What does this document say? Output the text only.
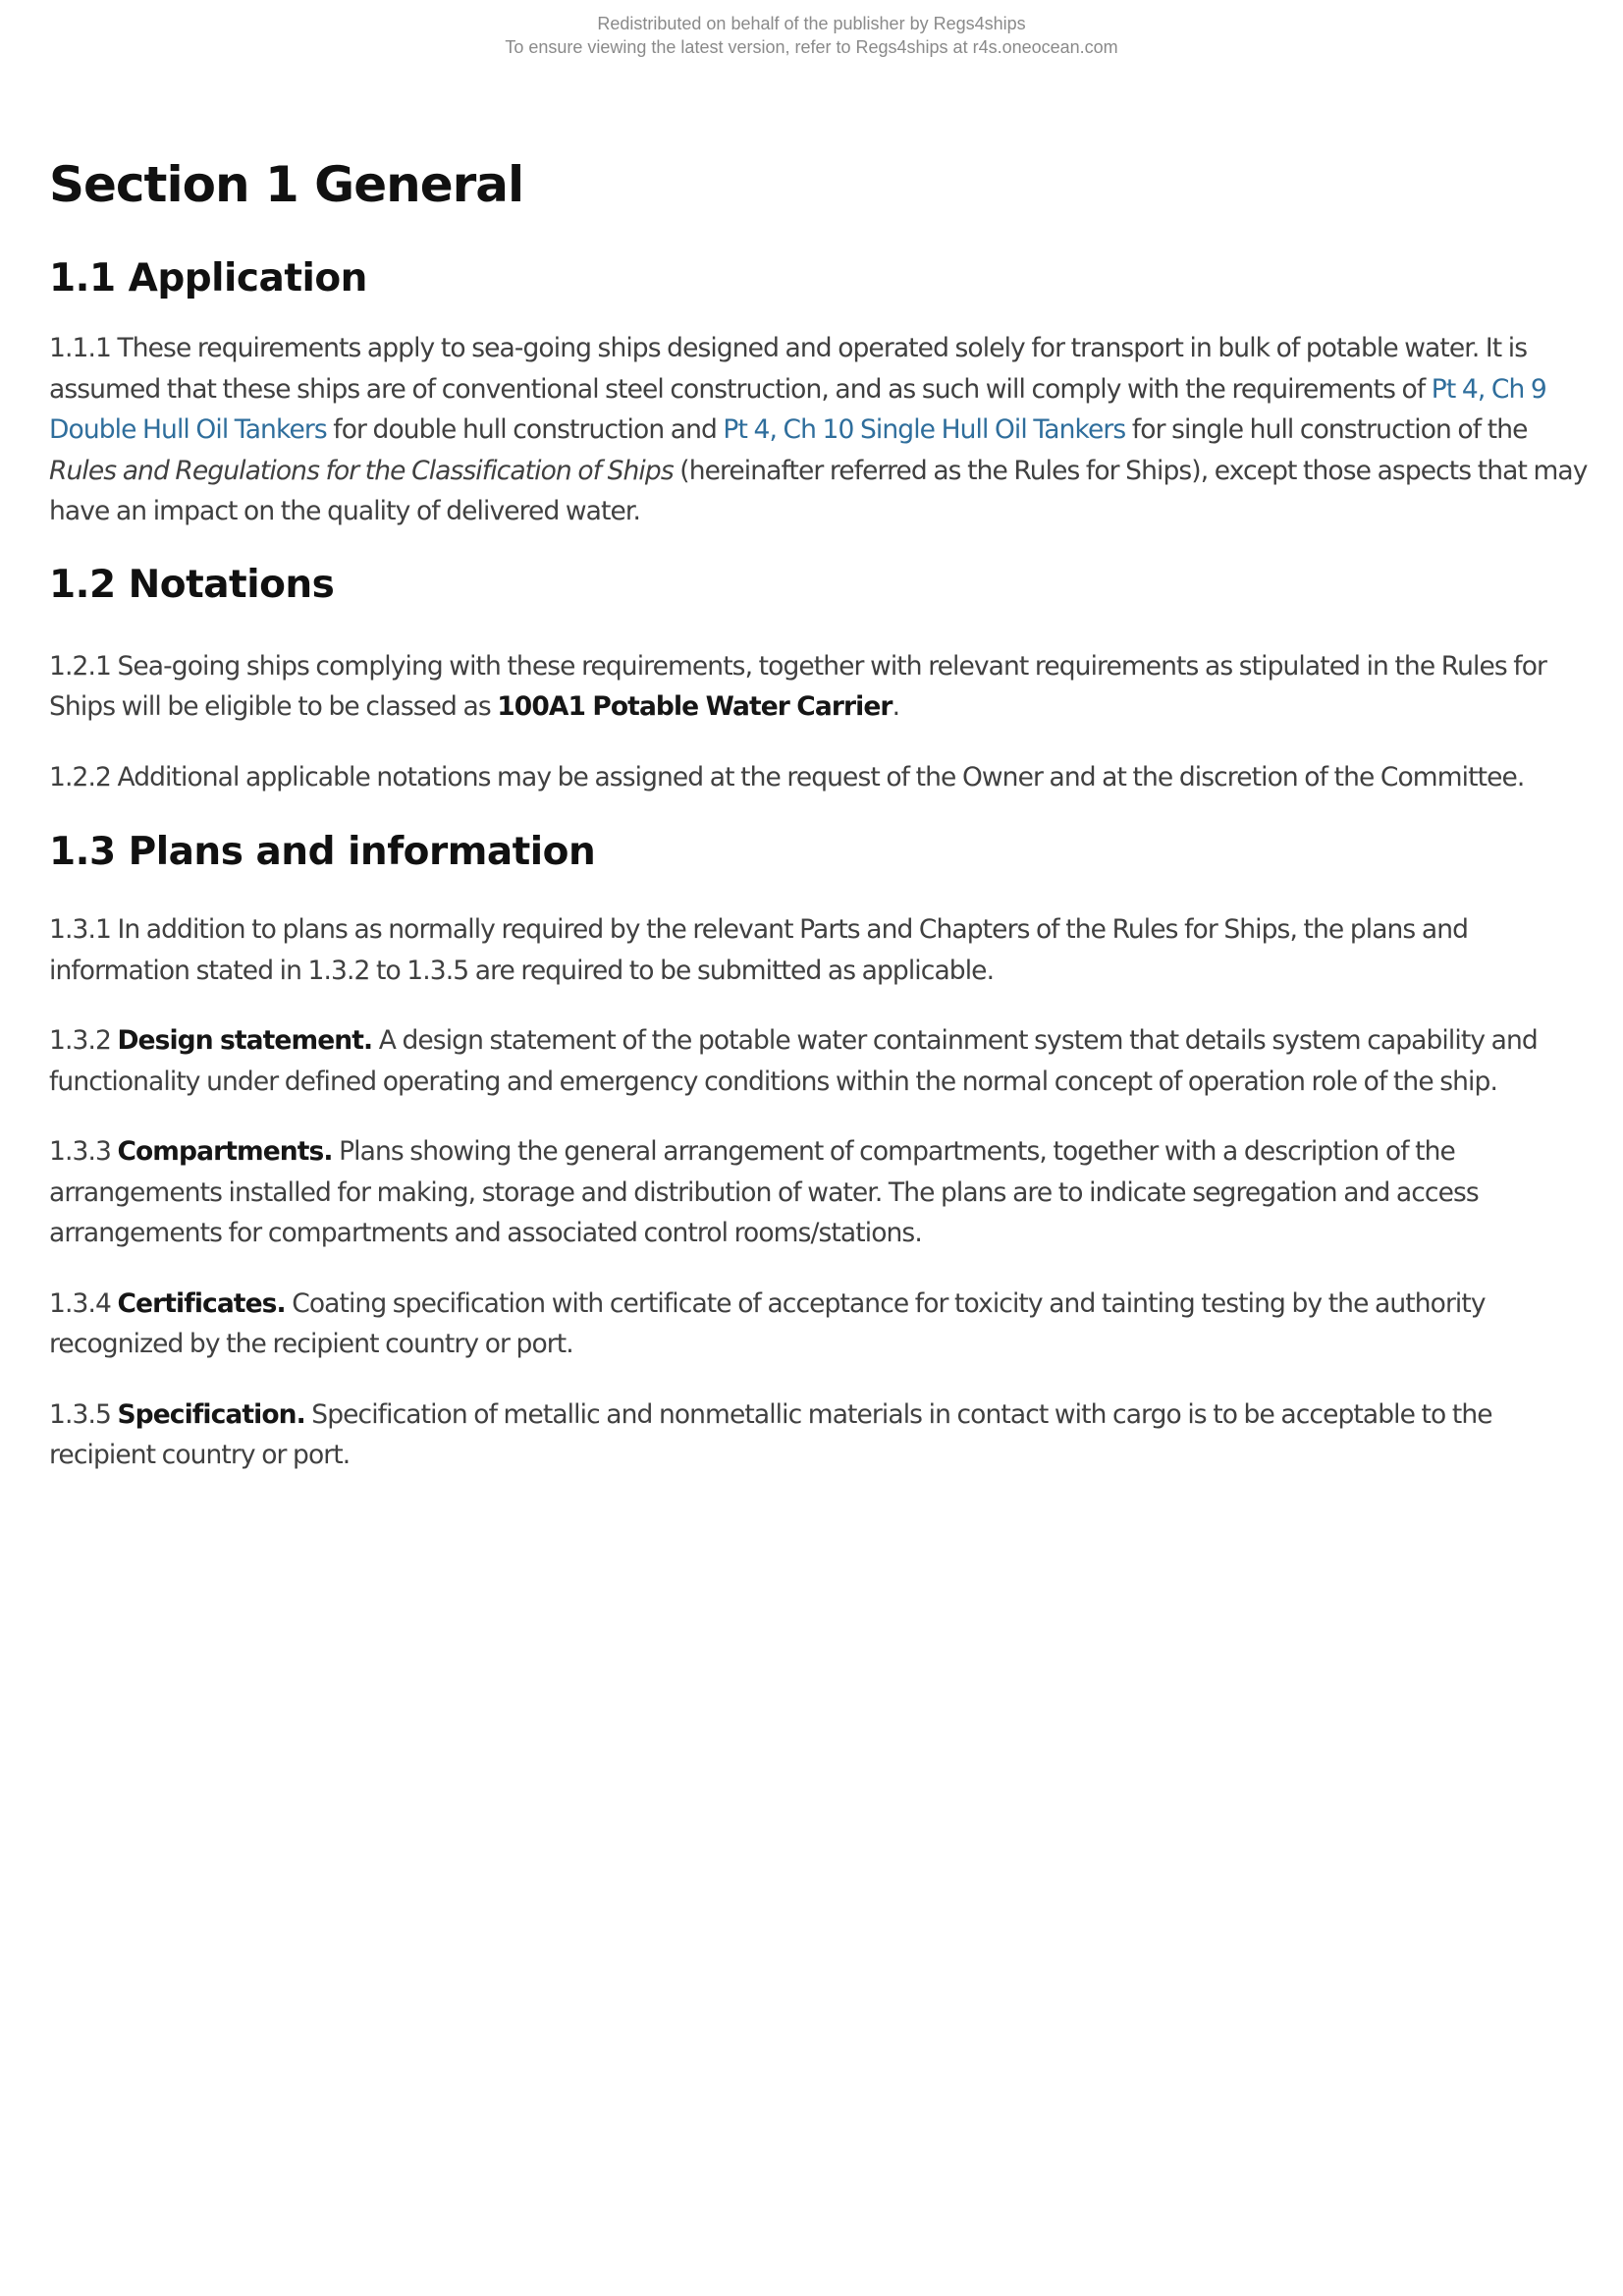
Redistributed on behalf of the publisher by Regs4ships
To ensure viewing the latest version, refer to Regs4ships at r4s.oneocean.com
Section 1 General
1.1 Application

1.1.1 These requirements apply to sea-going ships designed and operated solely for transport in bulk of potable water. It is assumed that these ships are of conventional steel construction, and as such will comply with the requirements of Pt 4, Ch 9 Double Hull Oil Tankers for double hull construction and Pt 4, Ch 10 Single Hull Oil Tankers for single hull construction of the Rules and Regulations for the Classification of Ships (hereinafter referred as the Rules for Ships), except those aspects that may have an impact on the quality of delivered water.

1.2 Notations

1.2.1 Sea-going ships complying with these requirements, together with relevant requirements as stipulated in the Rules for Ships will be eligible to be classed as 100A1 Potable Water Carrier.

1.2.2 Additional applicable notations may be assigned at the request of the Owner and at the discretion of the Committee.

1.3 Plans and information

1.3.1 In addition to plans as normally required by the relevant Parts and Chapters of the Rules for Ships, the plans and information stated in 1.3.2 to 1.3.5 are required to be submitted as applicable.

1.3.2 Design statement. A design statement of the potable water containment system that details system capability and functionality under defined operating and emergency conditions within the normal concept of operation role of the ship.

1.3.3 Compartments. Plans showing the general arrangement of compartments, together with a description of the arrangements installed for making, storage and distribution of water. The plans are to indicate segregation and access arrangements for compartments and associated control rooms/stations.

1.3.4 Certificates. Coating specification with certificate of acceptance for toxicity and tainting testing by the authority recognized by the recipient country or port.

1.3.5 Specification. Specification of metallic and nonmetallic materials in contact with cargo is to be acceptable to the recipient country or port.
